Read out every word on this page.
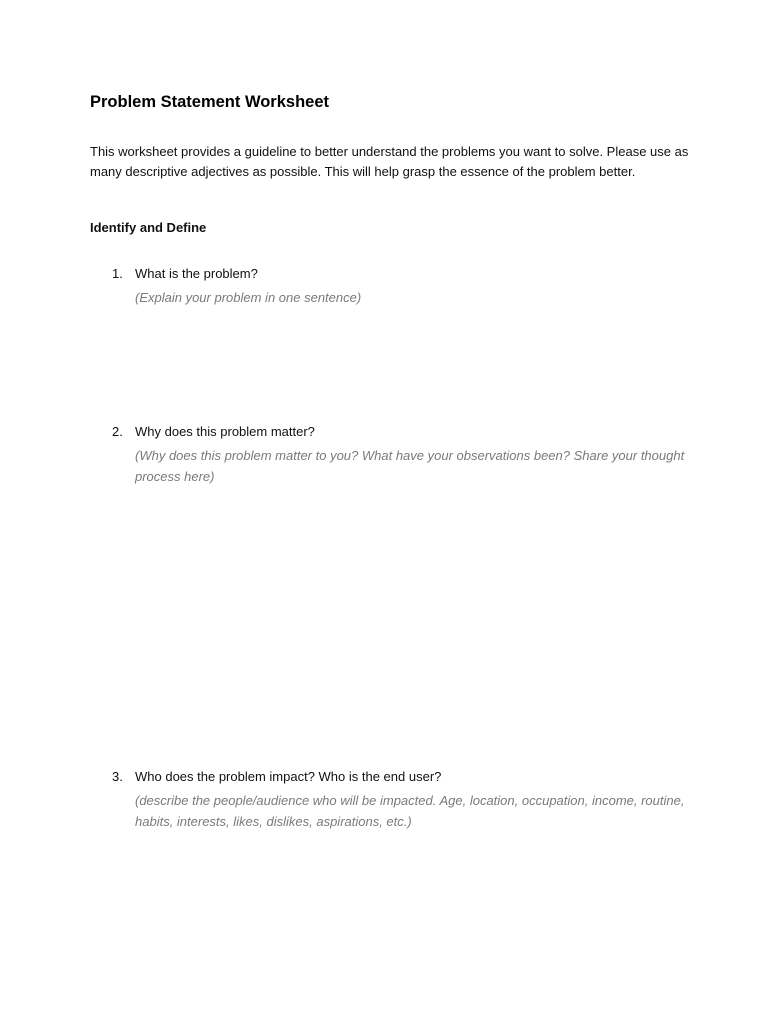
Problem Statement Worksheet

This worksheet provides a guideline to better understand the problems you want to solve. Please use as many descriptive adjectives as possible. This will help grasp the essence of the problem better.

Identify and Define
1. What is the problem?
(Explain your problem in one sentence)
2. Why does this problem matter?
(Why does this problem matter to you? What have your observations been? Share your thought process here)
3. Who does the problem impact? Who is the end user?
(describe the people/audience who will be impacted. Age, location, occupation, income, routine, habits, interests, likes, dislikes, aspirations, etc.)
